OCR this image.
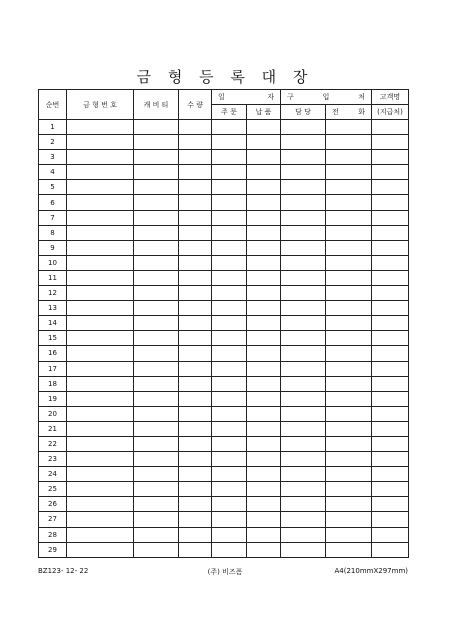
금 형 등 록 대 장
순번	금 형 번 호	캐 비 티	수 량	일 자		구 입 처		고객명
				주 문	납 품	담 당	전 화	(지급처)
1								
2								
3								
4								
5								
6								
7								
8								
9								
10								
11								
12								
13								
14								
15								
16								
17								
18								
19								
20								
21								
22								
23								
24								
25								
26								
27								
28								
29								
BZ123- 12- 22	(주) 비즈폼	A4(210mmX297mm)
